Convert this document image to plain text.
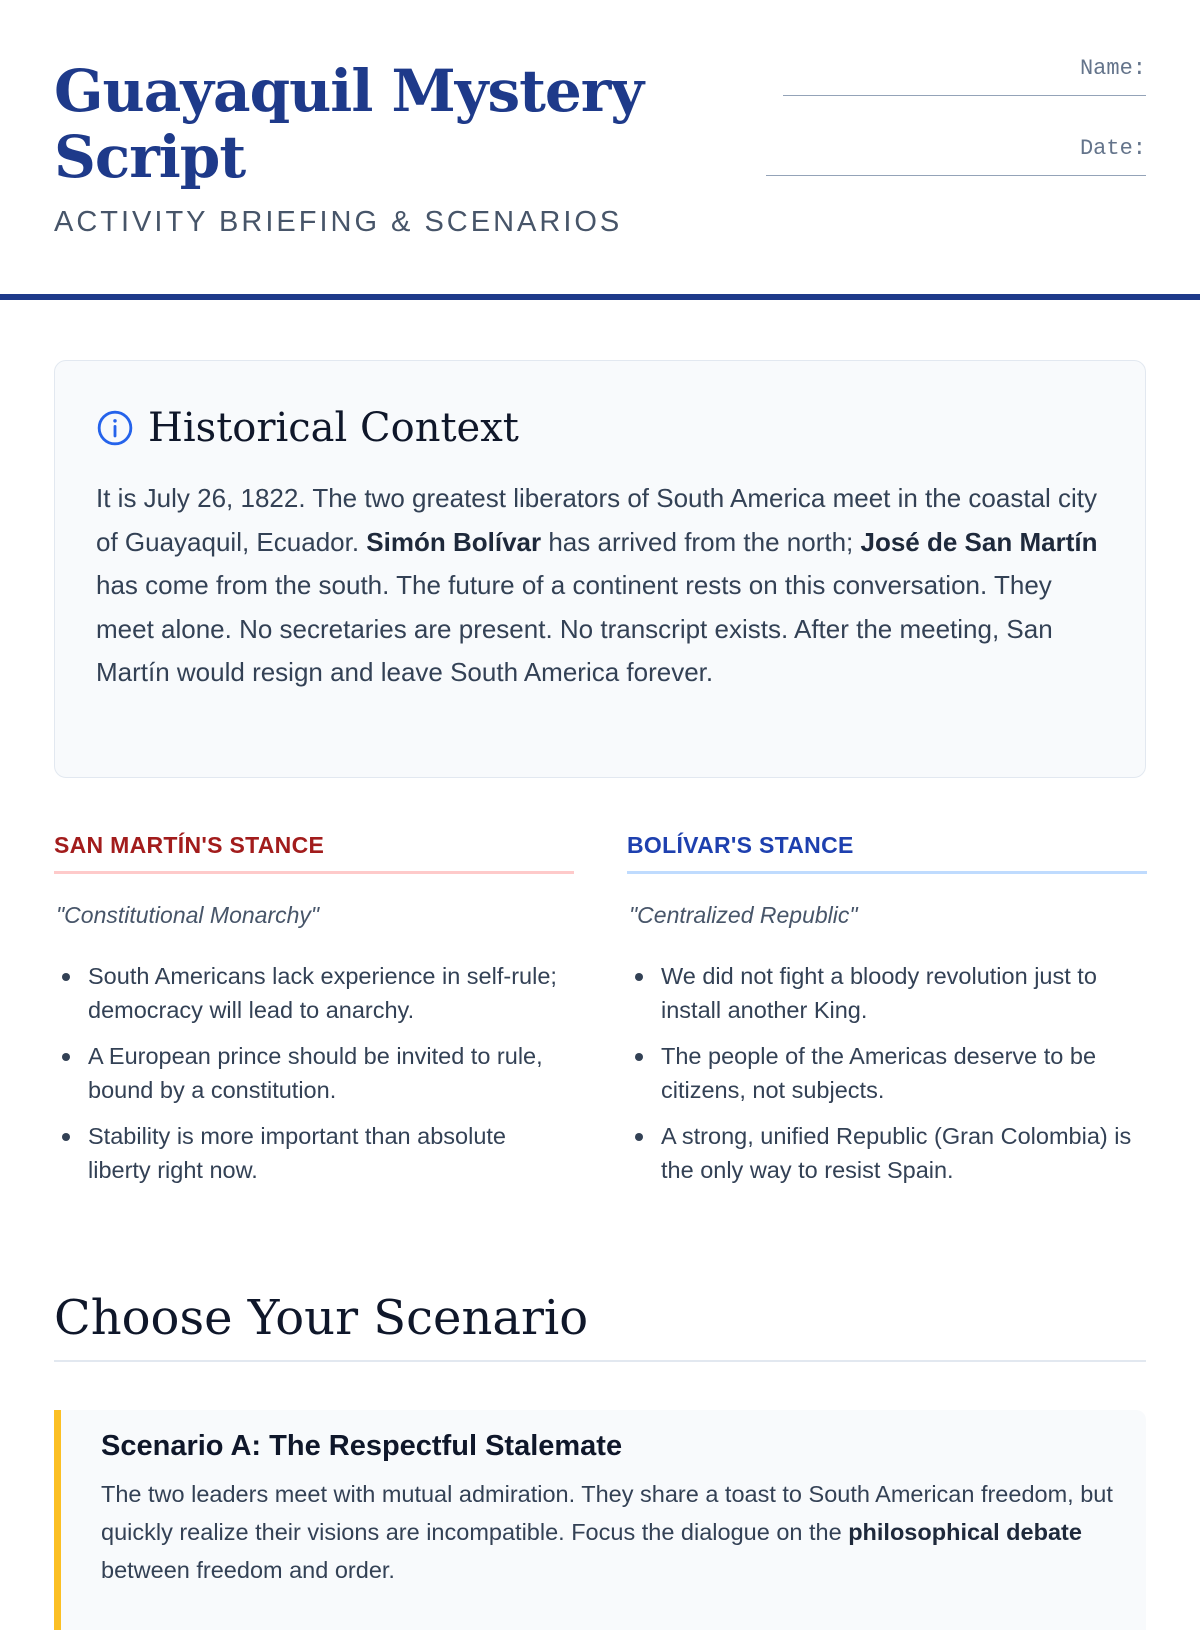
Guayaquil Mystery Script
ACTIVITY BRIEFING & SCENARIOS
Name:
Date:
Historical Context

It is July 26, 1822. The two greatest liberators of South America meet in the coastal city of Guayaquil, Ecuador. Simón Bolívar has arrived from the north; José de San Martín has come from the south. The future of a continent rests on this conversation. They meet alone. No secretaries are present. No transcript exists. After the meeting, San Martín would resign and leave South America forever.

SAN MARTÍN'S STANCE

"Constitutional Monarchy"

South Americans lack experience in self-rule; democracy will lead to anarchy.
A European prince should be invited to rule, bound by a constitution.
Stability is more important than absolute liberty right now.
BOLÍVAR'S STANCE

"Centralized Republic"

We did not fight a bloody revolution just to install another King.
The people of the Americas deserve to be citizens, not subjects.
A strong, unified Republic (Gran Colombia) is the only way to resist Spain.
Choose Your Scenario
Scenario A: The Respectful Stalemate

The two leaders meet with mutual admiration. They share a toast to South American freedom, but quickly realize their visions are incompatible. Focus the dialogue on the philosophical debate between freedom and order.
